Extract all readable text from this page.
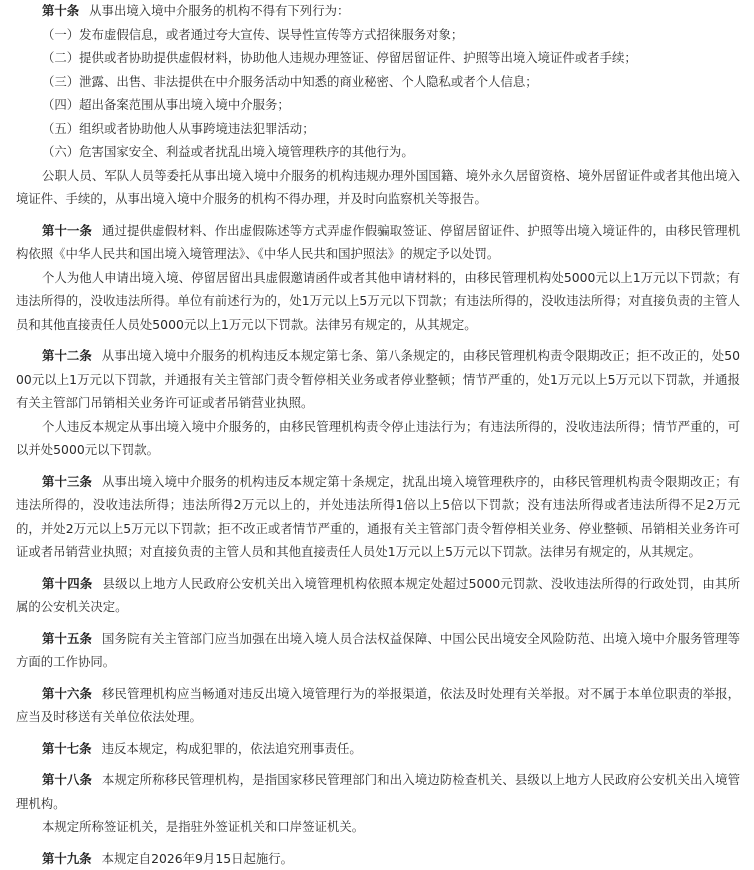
第十条 从事出境入境中介服务的机构不得有下列行为：

（一）发布虚假信息，或者通过夸大宣传、误导性宣传等方式招徕服务对象；

（二）提供或者协助提供虚假材料，协助他人违规办理签证、停留居留证件、护照等出境入境证件或者手续；

（三）泄露、出售、非法提供在中介服务活动中知悉的商业秘密、个人隐私或者个人信息；

（四）超出备案范围从事出境入境中介服务；

（五）组织或者协助他人从事跨境违法犯罪活动；

（六）危害国家安全、利益或者扰乱出境入境管理秩序的其他行为。

公职人员、军队人员等委托从事出境入境中介服务的机构违规办理外国国籍、境外永久居留资格、境外居留证件或者其他出境入境证件、手续的，从事出境入境中介服务的机构不得办理，并及时向监察机关等报告。

第十一条 通过提供虚假材料、作出虚假陈述等方式弄虚作假骗取签证、停留居留证件、护照等出境入境证件的，由移民管理机构依照《中华人民共和国出境入境管理法》、《中华人民共和国护照法》的规定予以处罚。

个人为他人申请出境入境、停留居留出具虚假邀请函件或者其他申请材料的，由移民管理机构处5000元以上1万元以下罚款；有违法所得的，没收违法所得。单位有前述行为的，处1万元以上5万元以下罚款；有违法所得的，没收违法所得；对直接负责的主管人员和其他直接责任人员处5000元以上1万元以下罚款。法律另有规定的，从其规定。

第十二条 从事出境入境中介服务的机构违反本规定第七条、第八条规定的，由移民管理机构责令限期改正；拒不改正的，处5000元以上1万元以下罚款，并通报有关主管部门责令暂停相关业务或者停业整顿；情节严重的，处1万元以上5万元以下罚款，并通报有关主管部门吊销相关业务许可证或者吊销营业执照。

个人违反本规定从事出境入境中介服务的，由移民管理机构责令停止违法行为；有违法所得的，没收违法所得；情节严重的，可以并处5000元以下罚款。

第十三条 从事出境入境中介服务的机构违反本规定第十条规定，扰乱出境入境管理秩序的，由移民管理机构责令限期改正；有违法所得的，没收违法所得；违法所得2万元以上的，并处违法所得1倍以上5倍以下罚款；没有违法所得或者违法所得不足2万元的，并处2万元以上5万元以下罚款；拒不改正或者情节严重的，通报有关主管部门责令暂停相关业务、停业整顿、吊销相关业务许可证或者吊销营业执照；对直接负责的主管人员和其他直接责任人员处1万元以上5万元以下罚款。法律另有规定的，从其规定。

第十四条 县级以上地方人民政府公安机关出入境管理机构依照本规定处超过5000元罚款、没收违法所得的行政处罚，由其所属的公安机关决定。

第十五条 国务院有关主管部门应当加强在出境入境人员合法权益保障、中国公民出境安全风险防范、出境入境中介服务管理等方面的工作协同。

第十六条 移民管理机构应当畅通对违反出境入境管理行为的举报渠道，依法及时处理有关举报。对不属于本单位职责的举报，应当及时移送有关单位依法处理。

第十七条 违反本规定，构成犯罪的，依法追究刑事责任。

第十八条 本规定所称移民管理机构，是指国家移民管理部门和出入境边防检查机关、县级以上地方人民政府公安机关出入境管理机构。

本规定所称签证机关，是指驻外签证机关和口岸签证机关。

第十九条 本规定自2026年9月15日起施行。
